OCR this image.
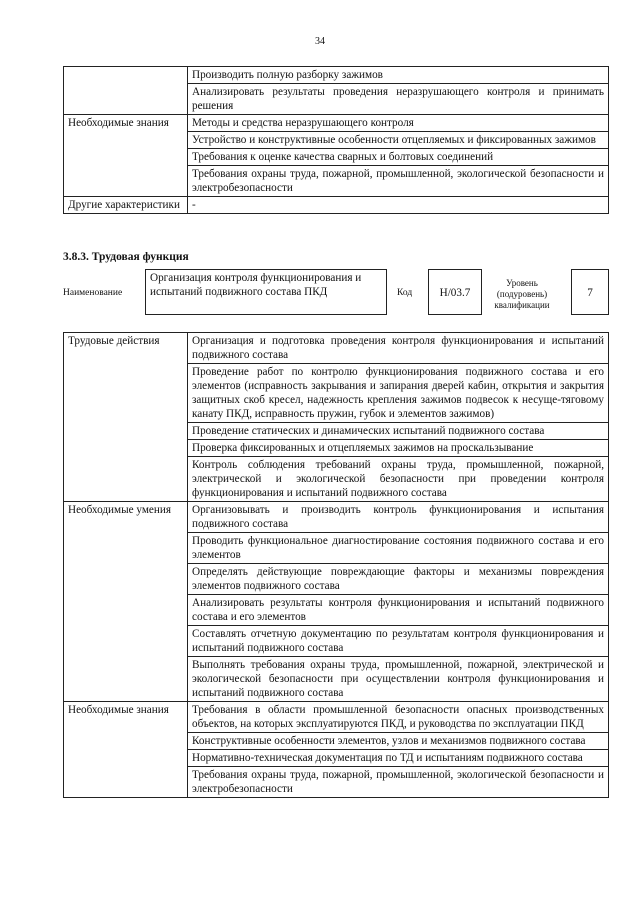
34
	Производить полную разборку зажимов
	Анализировать результаты проведения неразрушающего контроля и принимать решения
Необходимые знания	Методы и средства неразрушающего контроля
	Устройство и конструктивные особенности отцепляемых и фиксированных зажимов
	Требования к оценке качества сварных и болтовых соединений
	Требования охраны труда, пожарной, промышленной, экологической безопасности и электробезопасности
Другие характеристики	-
3.8.3. Трудовая функция
Наименование
Организация контроля функционирования и испытаний подвижного состава ПКД	Код	H/03.7
Уровень (подуровень) квалификации
7
Трудовые действия	Организация и подготовка проведения контроля функционирования и испытаний подвижного состава
	Проведение работ по контролю функционирования подвижного состава и его элементов (исправность закрывания и запирания дверей кабин, открытия и закрытия защитных скоб кресел, надежность крепления зажимов подвесок к несуще-тяговому канату ПКД, исправность пружин, губок и элементов зажимов)
	Проведение статических и динамических испытаний подвижного состава
	Проверка фиксированных и отцепляемых зажимов на проскальзывание
	Контроль соблюдения требований охраны труда, промышленной, пожарной, электрической и экологической безопасности при проведении контроля функционирования и испытаний подвижного состава
Необходимые умения	Организовывать и производить контроль функционирования и испытания подвижного состава
	Проводить функциональное диагностирование состояния подвижного состава и его элементов
	Определять действующие повреждающие факторы и механизмы повреждения элементов подвижного состава
	Анализировать результаты контроля функционирования и испытаний подвижного состава и его элементов
	Составлять отчетную документацию по результатам контроля функционирования и испытаний подвижного состава
	Выполнять требования охраны труда, промышленной, пожарной, электрической и экологической безопасности при осуществлении контроля функционирования и испытаний подвижного состава
Необходимые знания	Требования в области промышленной безопасности опасных производственных объектов, на которых эксплуатируются ПКД, и руководства по эксплуатации ПКД
	Конструктивные особенности элементов, узлов и механизмов подвижного состава
	Нормативно-техническая документация по ТД и испытаниям подвижного состава
	Требования охраны труда, пожарной, промышленной, экологической безопасности и электробезопасности
